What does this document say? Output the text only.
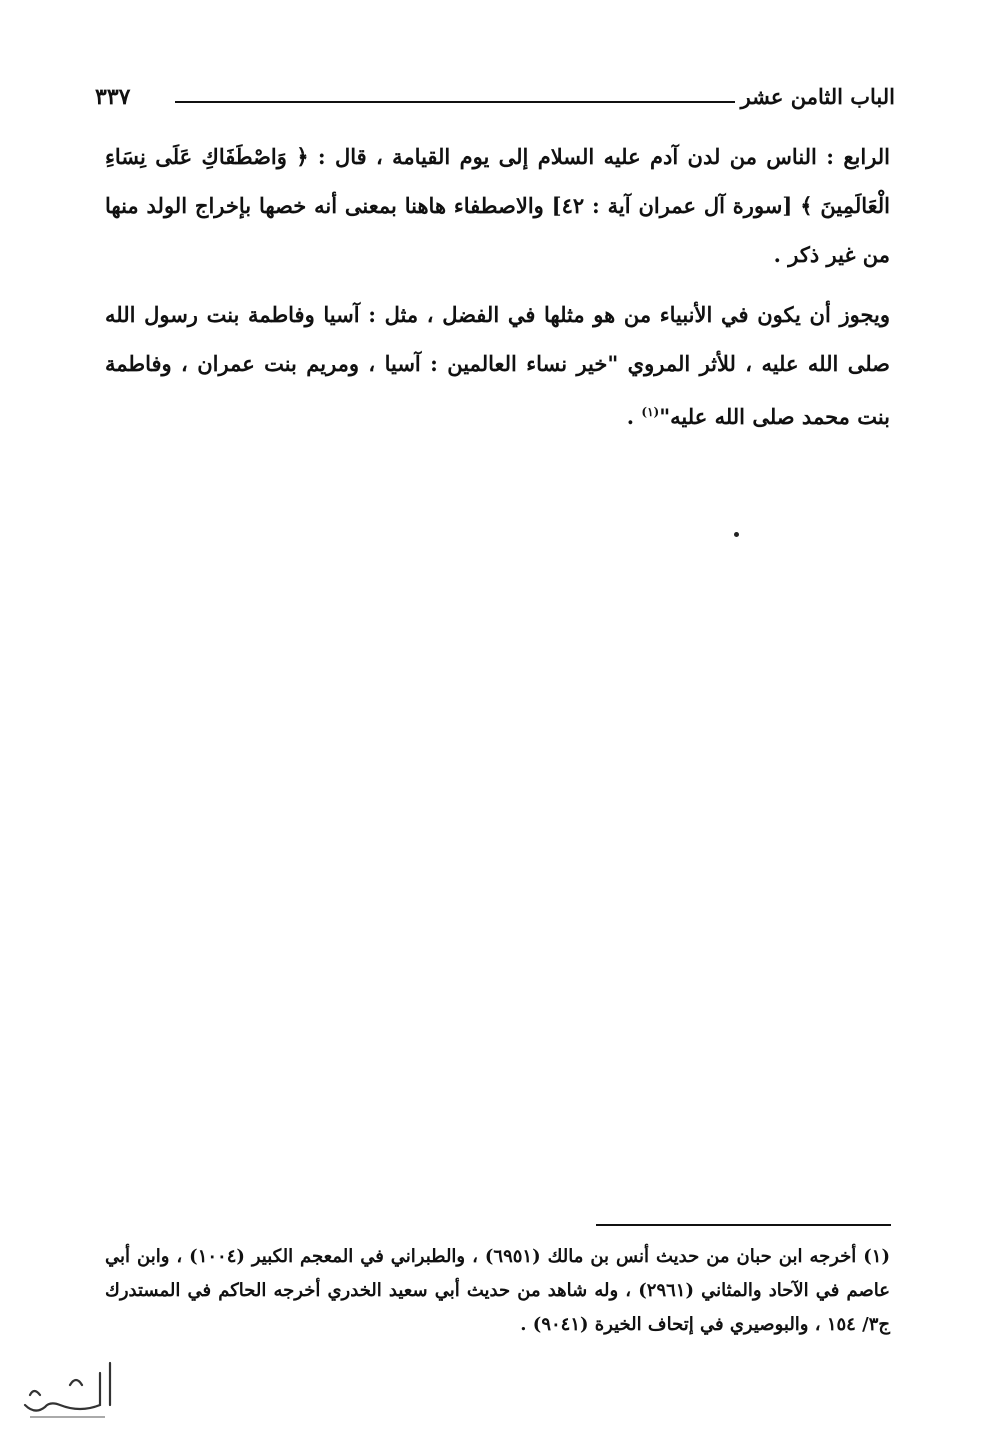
الباب الثامن عشر
٣٣٧
الرابع : الناس من لدن آدم عليه السلام إلى يوم القيامة ، قال : ﴿ وَاصْطَفَاكِ عَلَى نِسَاءِ الْعَالَمِينَ ﴾ [سورة آل عمران آية : ٤٢] والاصطفاء هاهنا بمعنى أنه خصها بإخراج الولد منها من غير ذكر .
ويجوز أن يكون في الأنبياء من هو مثلها في الفضل ، مثل : آسيا وفاطمة بنت رسول الله صلى الله عليه ، للأثر المروي "خير نساء العالمين : آسيا ، ومريم بنت عمران ، وفاطمة بنت محمد صلى الله عليه"$^{(١)}$ .
(١) أخرجه ابن حبان من حديث أنس بن مالك (٦٩٥١) ، والطبراني في المعجم الكبير (١٠٠٤) ، وابن أبي عاصم في الآحاد والمثاني (٢٩٦١) ، وله شاهد من حديث أبي سعيد الخدري أخرجه الحاكم في المستدرك ج٣/ ١٥٤ ، والبوصيري في إتحاف الخيرة (٩٠٤١) .
